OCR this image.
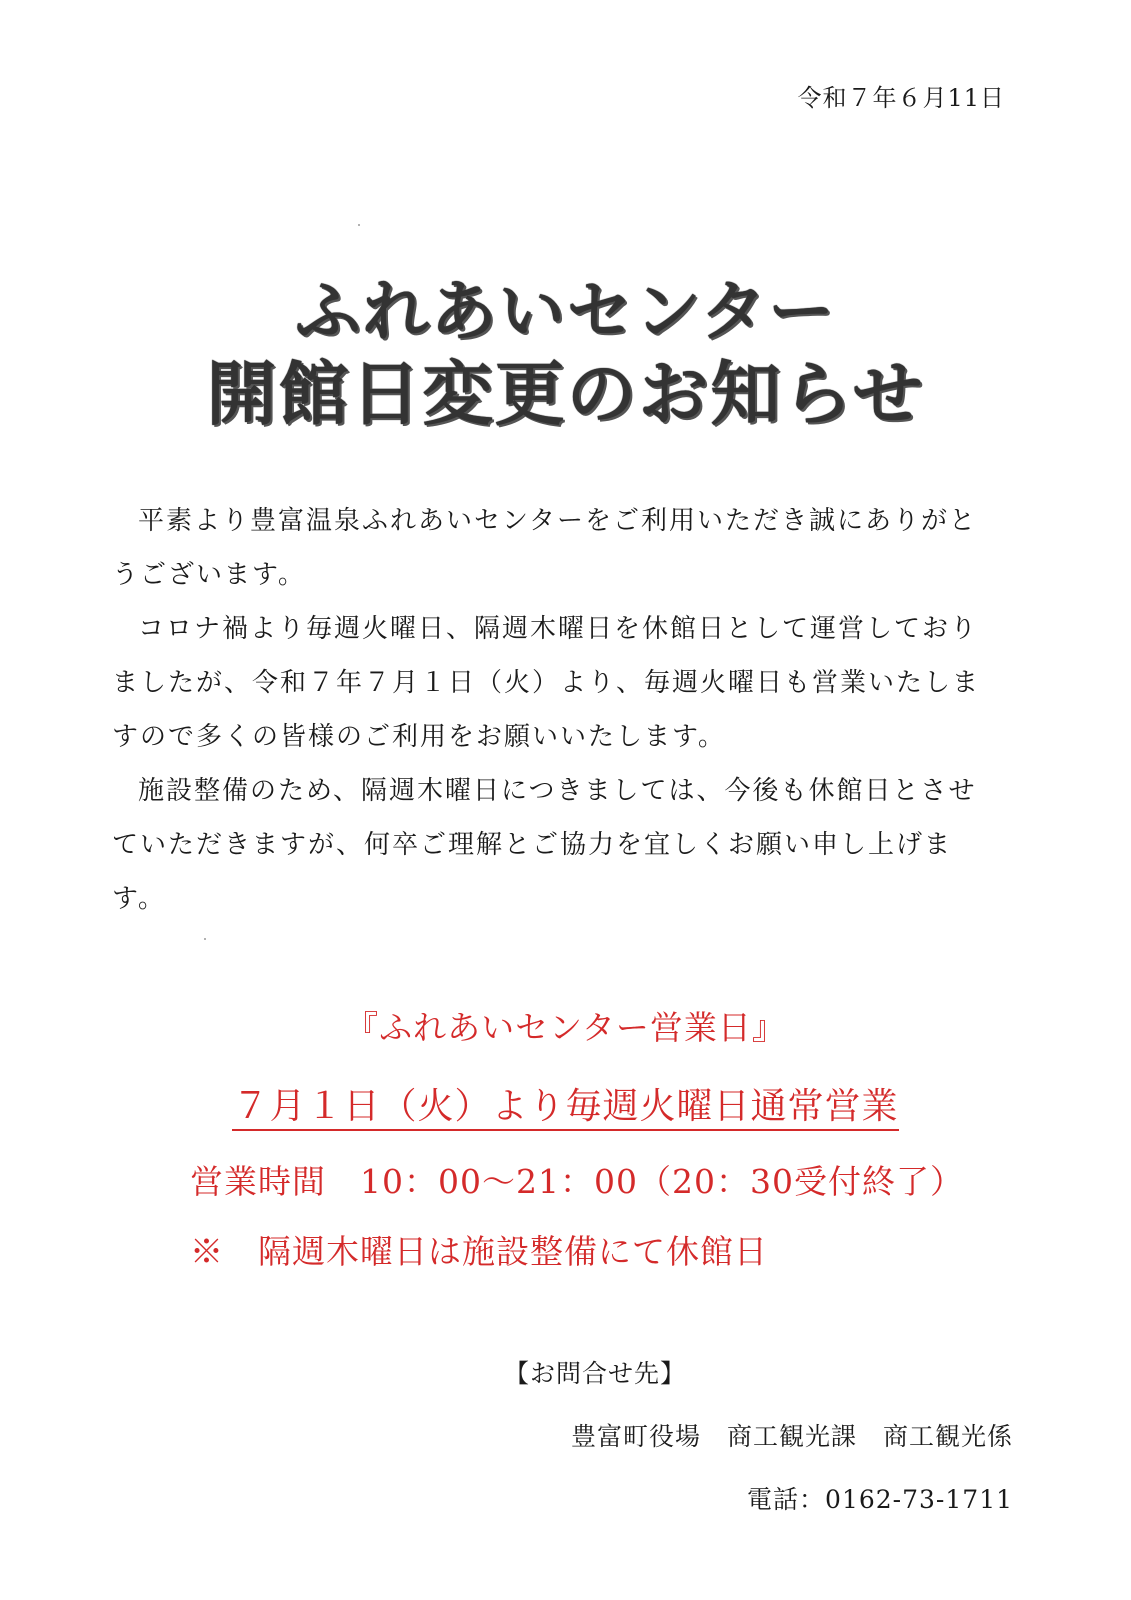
令和７年６月11日
ふれあいセンター
開館日変更のお知らせ

平素より豊富温泉ふれあいセンターをご利用いただき誠にありがとうございます。

コロナ禍より毎週火曜日、隔週木曜日を休館日として運営しておりましたが、令和７年７月１日（火）より、毎週火曜日も営業いたしますので多くの皆様のご利用をお願いいたします。

施設整備のため、隔週木曜日につきましては、今後も休館日とさせていただきますが、何卒ご理解とご協力を宜しくお願い申し上げます。

『ふれあいセンター営業日』
７月１日（火）より毎週火曜日通常営業
営業時間　10：00～21：00（20：30受付終了）
※　隔週木曜日は施設整備にて休館日
【お問合せ先】
豊富町役場　商工観光課　商工観光係
電話：0162-73-1711
